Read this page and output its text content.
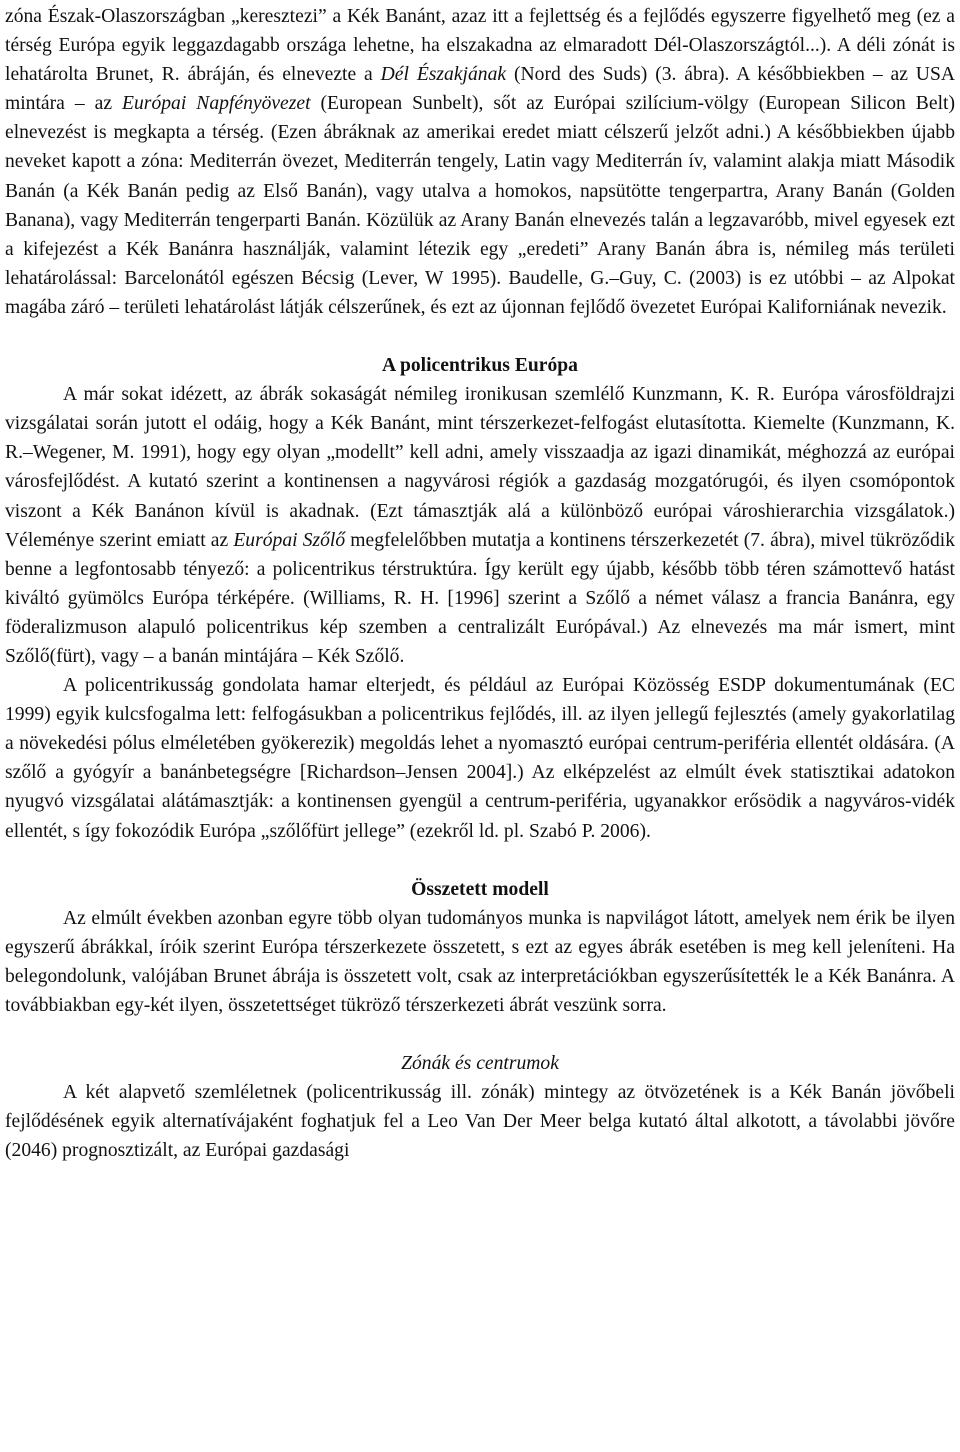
zóna Észak-Olaszországban „keresztezi” a Kék Banánt, azaz itt a fejlettség és a fejlődés egyszerre figyelhető meg (ez a térség Európa egyik leggazdagabb országa lehetne, ha elszakadna az elmaradott Dél-Olaszországtól...). A déli zónát is lehatárolta Brunet, R. ábráján, és elnevezte a Dél Északjának (Nord des Suds) (3. ábra). A későbbiekben – az USA mintára – az Európai Napfényövezet (European Sunbelt), sőt az Európai szilícium-völgy (European Silicon Belt) elnevezést is megkapta a térség. (Ezen ábráknak az amerikai eredet miatt célszerű jelzőt adni.) A későbbiekben újabb neveket kapott a zóna: Mediterrán övezet, Mediterrán tengely, Latin vagy Mediterrán ív, valamint alakja miatt Második Banán (a Kék Banán pedig az Első Banán), vagy utalva a homokos, napsütötte tengerpartra, Arany Banán (Golden Banana), vagy Mediterrán tengerparti Banán. Közülük az Arany Banán elnevezés talán a legzavaróbb, mivel egyesek ezt a kifejezést a Kék Banánra használják, valamint létezik egy „eredeti” Arany Banán ábra is, némileg más területi lehatárolással: Barcelonától egészen Bécsig (Lever, W 1995). Baudelle, G.–Guy, C. (2003) is ez utóbbi – az Alpokat magába záró – területi lehatárolást látják célszerűnek, és ezt az újonnan fejlődő övezetet Európai Kaliforniának nevezik.

A policentrikus Európa

A már sokat idézett, az ábrák sokaságát némileg ironikusan szemlélő Kunzmann, K. R. Európa városföldrajzi vizsgálatai során jutott el odáig, hogy a Kék Banánt, mint térszerkezet-felfogást elutasította. Kiemelte (Kunzmann, K. R.–Wegener, M. 1991), hogy egy olyan „modellt” kell adni, amely visszaadja az igazi dinamikát, méghozzá az európai városfejlődést. A kutató szerint a kontinensen a nagyvárosi régiók a gazdaság mozgatórugói, és ilyen csomópontok viszont a Kék Banánon kívül is akadnak. (Ezt támasztják alá a különböző európai városhierarchia vizsgálatok.) Véleménye szerint emiatt az Európai Szőlő megfelelőbben mutatja a kontinens térszerkezetét (7. ábra), mivel tükröződik benne a legfontosabb tényező: a policentrikus térstruktúra. Így került egy újabb, később több téren számottevő hatást kiváltó gyümölcs Európa térképére. (Williams, R. H. [1996] szerint a Szőlő a német válasz a francia Banánra, egy föderalizmuson alapuló policentrikus kép szemben a centralizált Európával.) Az elnevezés ma már ismert, mint Szőlő(fürt), vagy – a banán mintájára – Kék Szőlő.

A policentrikusság gondolata hamar elterjedt, és például az Európai Közösség ESDP dokumentumának (EC 1999) egyik kulcsfogalma lett: felfogásukban a policentrikus fejlődés, ill. az ilyen jellegű fejlesztés (amely gyakorlatilag a növekedési pólus elméletében gyökerezik) megoldás lehet a nyomasztó európai centrum-periféria ellentét oldására. (A szőlő a gyógyír a banánbetegségre [Richardson–Jensen 2004].) Az elképzelést az elmúlt évek statisztikai adatokon nyugvó vizsgálatai alátámasztják: a kontinensen gyengül a centrum-periféria, ugyanakkor erősödik a nagyváros-vidék ellentét, s így fokozódik Európa „szőlőfürt jellege” (ezekről ld. pl. Szabó P. 2006).

Összetett modell

Az elmúlt években azonban egyre több olyan tudományos munka is napvilágot látott, amelyek nem érik be ilyen egyszerű ábrákkal, íróik szerint Európa térszerkezete összetett, s ezt az egyes ábrák esetében is meg kell jeleníteni. Ha belegondolunk, valójában Brunet ábrája is összetett volt, csak az interpretációkban egyszerűsítették le a Kék Banánra. A továbbiakban egy-két ilyen, összetettséget tükröző térszerkezeti ábrát veszünk sorra.

Zónák és centrumok

A két alapvető szemléletnek (policentrikusság ill. zónák) mintegy az ötvözetének is a Kék Banán jövőbeli fejlődésének egyik alternatívájaként foghatjuk fel a Leo Van Der Meer belga kutató által alkotott, a távolabbi jövőre (2046) prognosztizált, az Európai gazdasági
